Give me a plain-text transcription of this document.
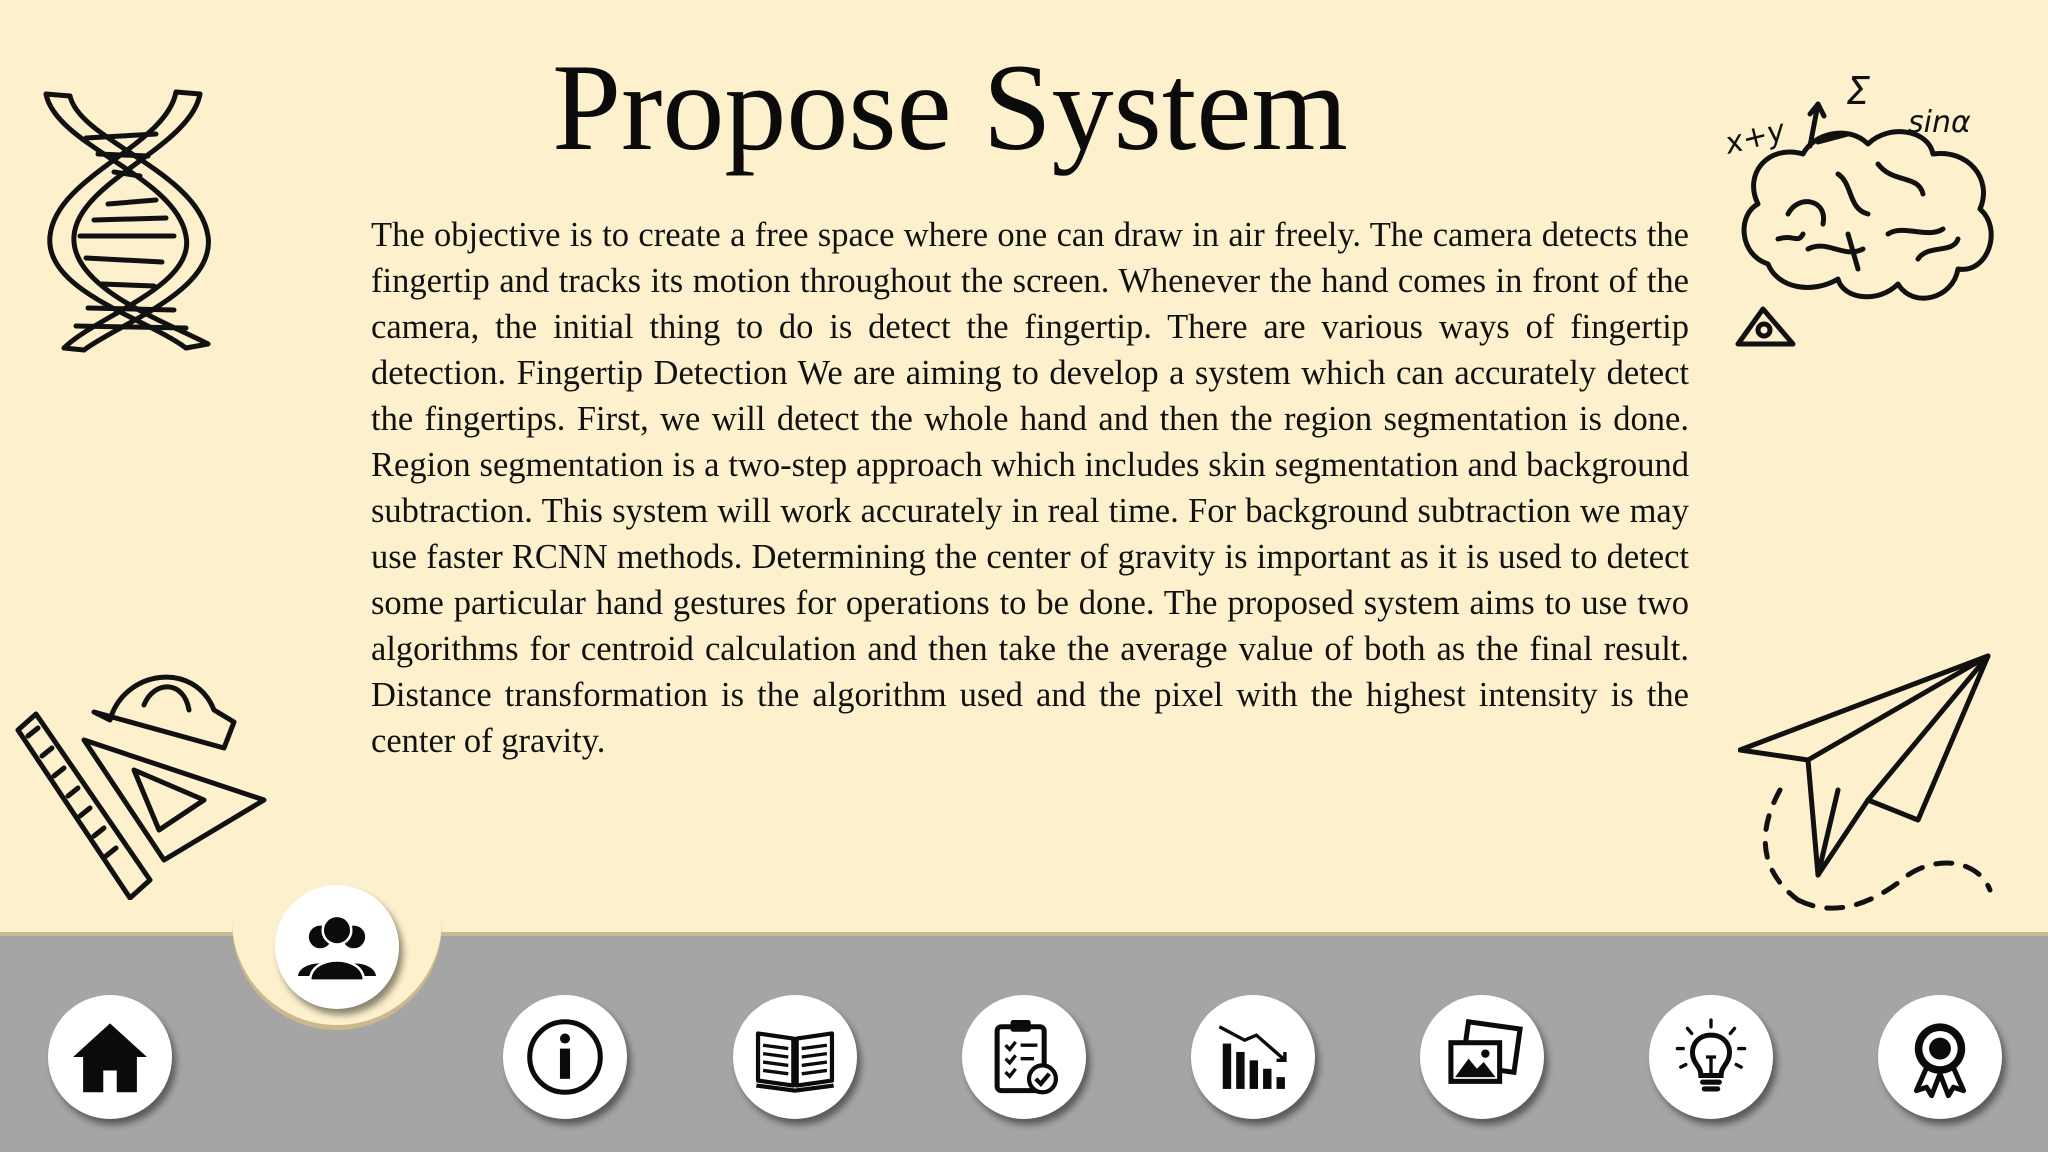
x+y
Σ
sinα
Propose System

The objective is to create a free space where one can draw in air freely. The camera detects the fingertip and tracks its motion throughout the screen. Whenever the hand comes in front of the camera, the initial thing to do is detect the fingertip. There are various ways of fingertip detection. Fingertip Detection We are aiming to develop a system which can accurately detect the fingertips. First, we will detect the whole hand and then the region segmentation is done. Region segmentation is a two-step approach which includes skin segmentation and background subtraction. This system will work accurately in real time. For background subtraction we may use faster RCNN methods. Determining the center of gravity is important as it is used to detect some particular hand gestures for operations to be done. The proposed system aims to use two algorithms for centroid calculation and then take the average value of both as the final result. Distance transformation is the algorithm used and the pixel with the highest intensity is the center of gravity.
